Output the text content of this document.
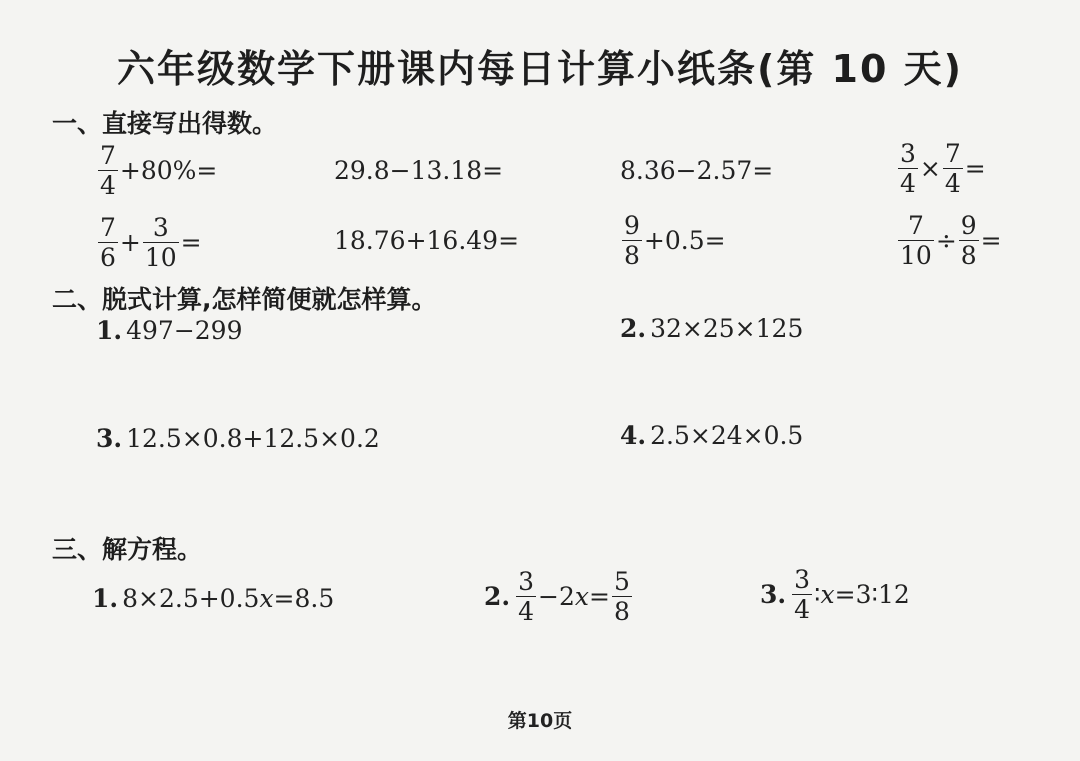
六年级数学下册课内每日计算小纸条(第 10 天)
一、直接写出得数。
$\frac{7}{4} +80\%=$	29.8−13.18=	8.36−2.57=	$\frac{3}{4} \times \frac{7}{4}$ =
$\frac{7}{6} + \frac{3}{10}$ =	18.76+16.49=	$\frac{9}{8} +0.5=$	$\frac{7}{10} \div \frac{9}{8}$ =
二、脱式计算,怎样简便就怎样算。
1. 497−299	2. 32×25×125
3. 12.5×0.8+12.5×0.2	4. 2.5×24×0.5
三、解方程。
1. 8×2.5+0.5 x =8.5	2. $\frac{3}{4} -2$ $x = \frac{5}{8}$	3. $\frac{3}{4}$ ∶ x =3∶12
第10页
